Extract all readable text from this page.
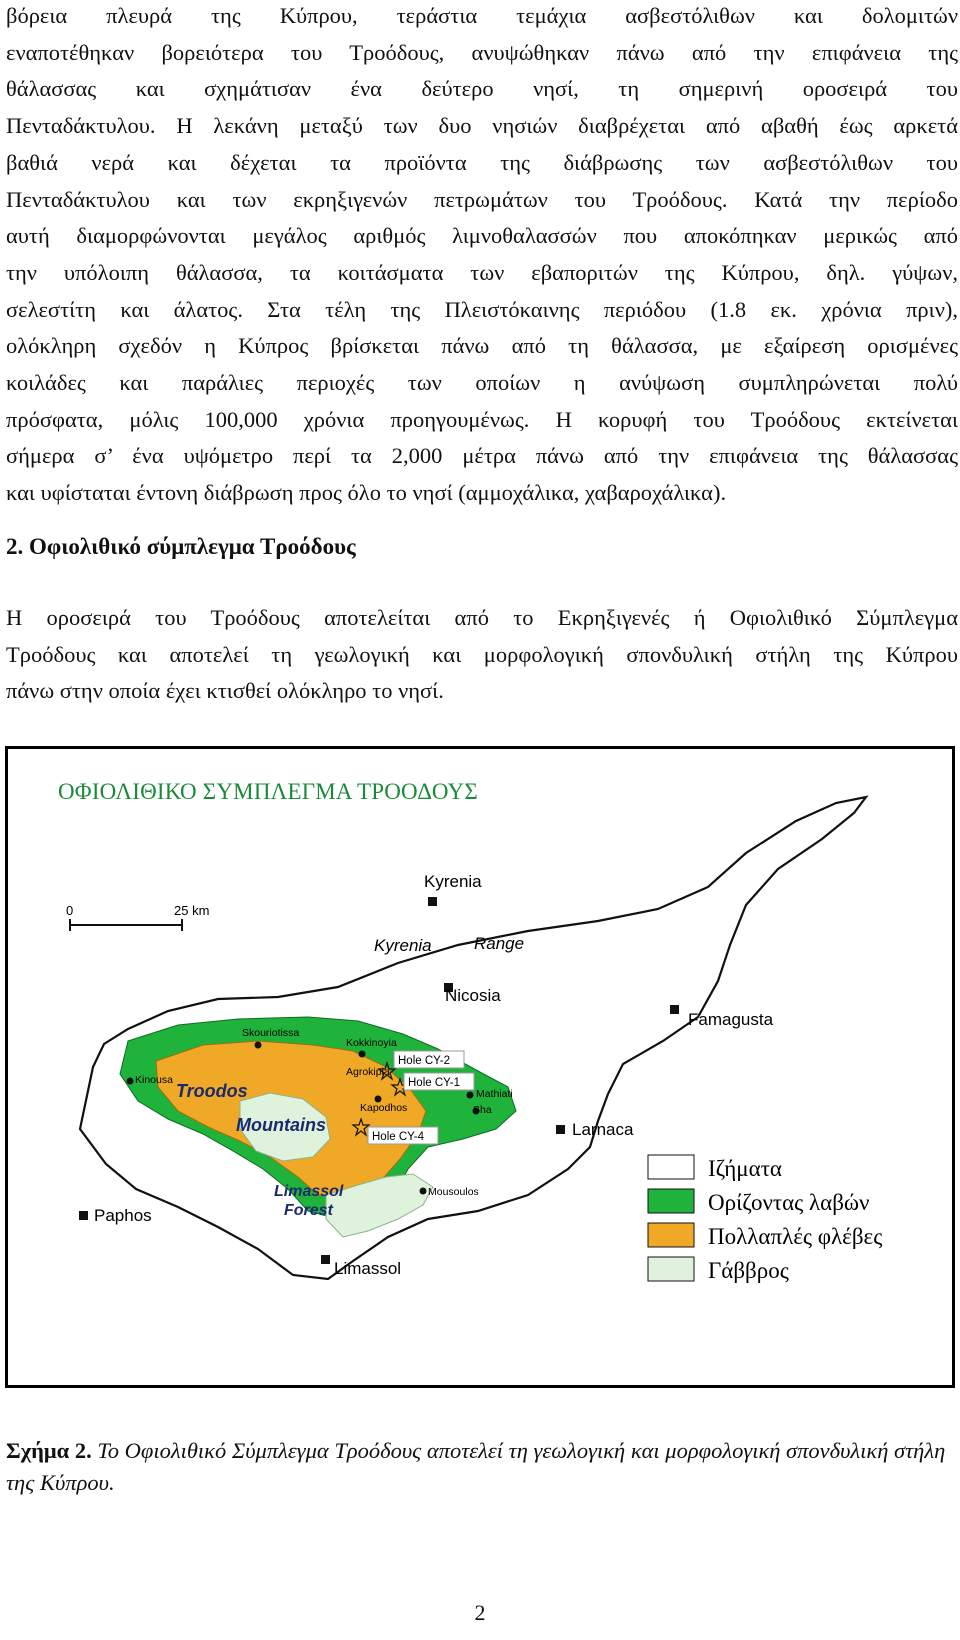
βόρεια πλευρά της Κύπρου, τεράστια τεμάχια ασβεστόλιθων και δολομιτών
εναποτέθηκαν βορειότερα του Τροόδους, ανυψώθηκαν πάνω από την επιφάνεια της
θάλασσας και σχημάτισαν ένα δεύτερο νησί, τη σημερινή οροσειρά του
Πενταδάκτυλου. Η λεκάνη μεταξύ των δυο νησιών διαβρέχεται από αβαθή έως αρκετά
βαθιά νερά και δέχεται τα προϊόντα της διάβρωσης των ασβεστόλιθων του
Πενταδάκτυλου και των εκρηξιγενών πετρωμάτων του Τροόδους. Κατά την περίοδο
αυτή διαμορφώνονται μεγάλος αριθμός λιμνοθαλασσών που αποκόπηκαν μερικώς από
την υπόλοιπη θάλασσα, τα κοιτάσματα των εβαποριτών της Κύπρου, δηλ. γύψων,
σελεστίτη και άλατος. Στα τέλη της Πλειστόκαινης περιόδου (1.8 εκ. χρόνια πριν),
ολόκληρη σχεδόν η Κύπρος βρίσκεται πάνω από τη θάλασσα, με εξαίρεση ορισμένες
κοιλάδες και παράλιες περιοχές των οποίων η ανύψωση συμπληρώνεται πολύ
πρόσφατα, μόλις 100,000 χρόνια προηγουμένως. Η κορυφή του Τροόδους εκτείνεται
σήμερα σ’ ένα υψόμετρο περί τα 2,000 μέτρα πάνω από την επιφάνεια της θάλασσας
και υφίσταται έντονη διάβρωση προς όλο το νησί (αμμοχάλικα, χαβαροχάλικα).
2. Οφιολιθικό σύμπλεγμα Τροόδους
Η οροσειρά του Τροόδους αποτελείται από το Εκρηξιγενές ή Οφιολιθικό Σύμπλεγμα
Τροόδους και αποτελεί τη γεωλογική και μορφολογική σπονδυλική στήλη της Κύπρου
πάνω στην οποία έχει κτισθεί ολόκληρο το νησί.

ΟΦΙΟΛΙΘΙΚΟ ΣΥΜΠΛΕΓΜΑ ΤΡΟΟΔΟΥΣ

0	25 km
Kyrenia
Kyrenia Range
Nicosia
Famagusta
Larnaca
Paphos
Limassol
Troodos
Mountains
Limassol
Forest
Kinousa
Skouriotissa
Kokkinoyia
Agrokipia
Kapodhos
Mathiati
Sha
Mousoulos
Hole CY-2
Hole CY-1
Hole CY-4
Ιζήματα
Ορίζοντας λαβών
Πολλαπλές φλέβες
Γάββρος

Σχήμα 2. Το Οφιολιθικό Σύμπλεγμα Τροόδους αποτελεί τη γεωλογική και μορφολογική σπονδυλική στήλη της Κύπρου.

2
